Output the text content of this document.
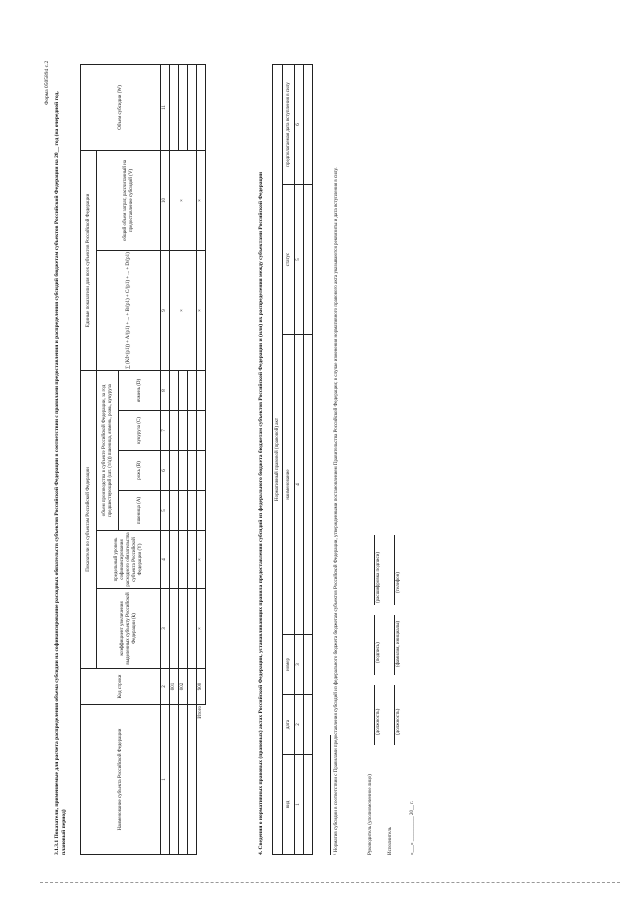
3.1.3.1 Показатели, применяемые для расчета распределения объема субсидии на софинансирование расходных обязательств субъектов Российской Федерации в соответствии с правилами предоставления и распределения субсидий бюджетам субъектов Российской Федерации на 20__ год (на очередной год, плановый период)
Форма 0505894 с.2
Наименование субъекта Российской Федерации	Код строки	Показатели по субъектам Российской Федерации						Единые показатели для всех субъектов Российской Федерации		Объем субсидии (W)
		коэффициент увеличения выделенных субъекту Российской Федерации (k)	предельный уровень софинансирования расходного обязательства субъекта Российской Федерации (Y)	объем производства в субъекте Российской Федерации, за год предшествующий (шт. (т/ц)) пшеница, ячмень, рожь, кукуруза				∑ (Kf×(p1)) + A/(p1) + ... + B/(p1) + C/(p1) + ... + D/(p1)	общий объем затрат, рассчитанный на предоставление субсидий (V)	
				пшеница (A)	рожь (B)	кукуруза (C)	ячмень (D)			
1	2	3	4	5	6	7	8	9	10	11
	001							×	×	
	002									

Итого	900	×	×					×	×		4. Сведения о нормативных правовых (правовых) актах Российской Федерации, устанавливающих правила предоставления субсидий из федерального бюджета бюджетам субъектов Российской Федерации и (или) их распределения между субъектами Российской Федерации Нормативный правовой (правовой) акт					
вид	дата	номер	наименование	статус	предполагаемая дата вступления в силу
1	2	3	4	5	6

¹ Норматив субсидии в соответствии с Правилами предоставления субсидий из федерального бюджета бюджетам субъектов Российской Федерации, утвержденными постановлением Правительства Российской Федерации; в случае изменения нормативного правового акта указываются реквизиты и дата вступления в силу.	Руководитель (уполномоченное лицо)
(должность)
(подпись)
(расшифровка подписи)
Исполнитель
(должность)
(фамилия, инициалы)
(телефон)
«___» __________ 20__ г.
